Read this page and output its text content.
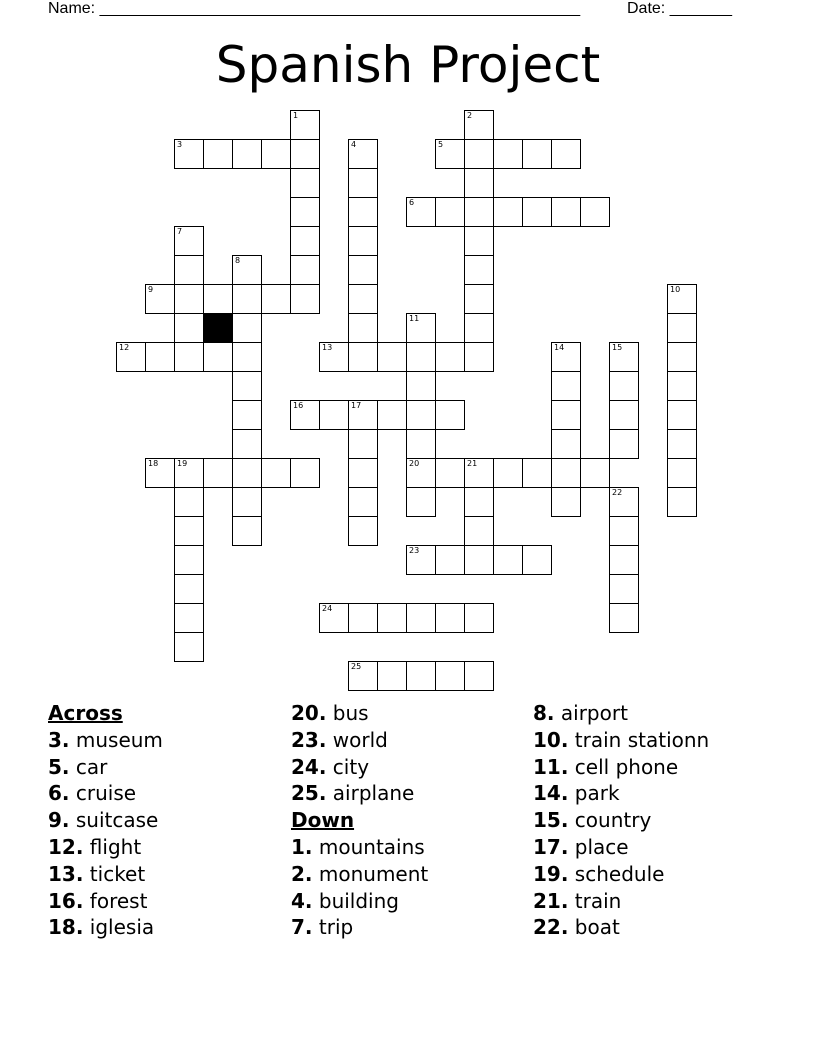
Name: ______________________________________________________	Date: _______
Spanish Project
1	2
3	4	5
6
7
8
9	10
11
12	13	14	15
16	17
18 19	20	21
22
23
24
25
Across
3. museum
5. car
6. cruise
9. suitcase
12. flight
13. ticket
16. forest
18. iglesia
20. bus
23. world
24. city
25. airplane
Down
1. mountains
2. monument
4. building
7. trip
8. airport
10. train stationn
11. cell phone
14. park
15. country
17. place
19. schedule
21. train
22. boat
